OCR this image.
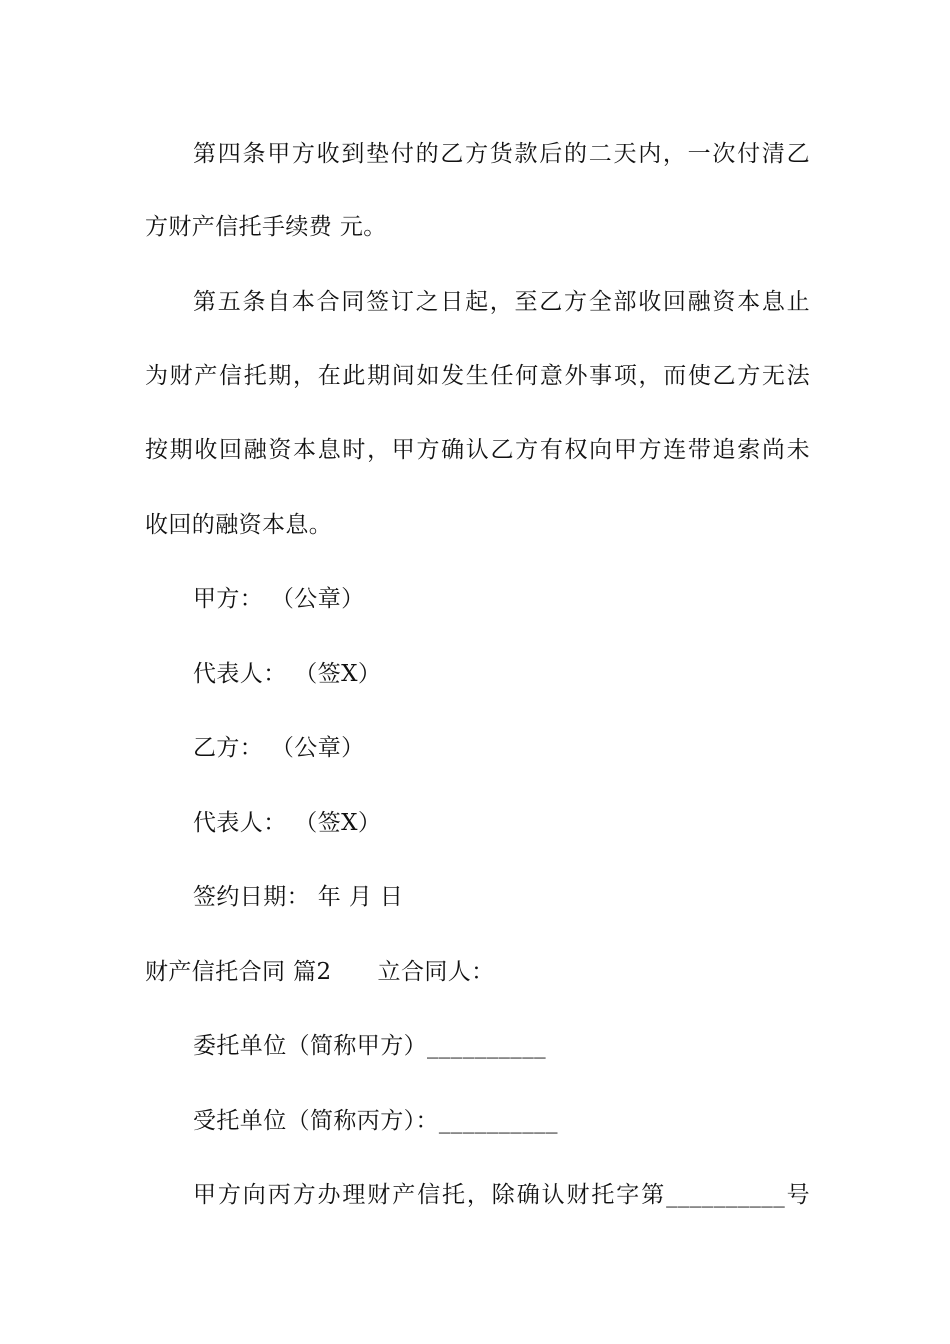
第四条甲方收到垫付的乙方货款后的二天内，一次付清乙
方财产信托手续费 元。
第五条自本合同签订之日起，至乙方全部收回融资本息止
为财产信托期，在此期间如发生任何意外事项，而使乙方无法
按期收回融资本息时，甲方确认乙方有权向甲方连带追索尚未
收回的融资本息。
甲方： （公章）
代表人： （签X）
乙方： （公章）
代表人： （签X）
签约日期： 年 月 日
财产信托合同 篇2 立合同人：
委托单位（简称甲方）__________
受托单位（简称丙方）：__________
甲方向丙方办理财产信托，除确认财托字第__________号
